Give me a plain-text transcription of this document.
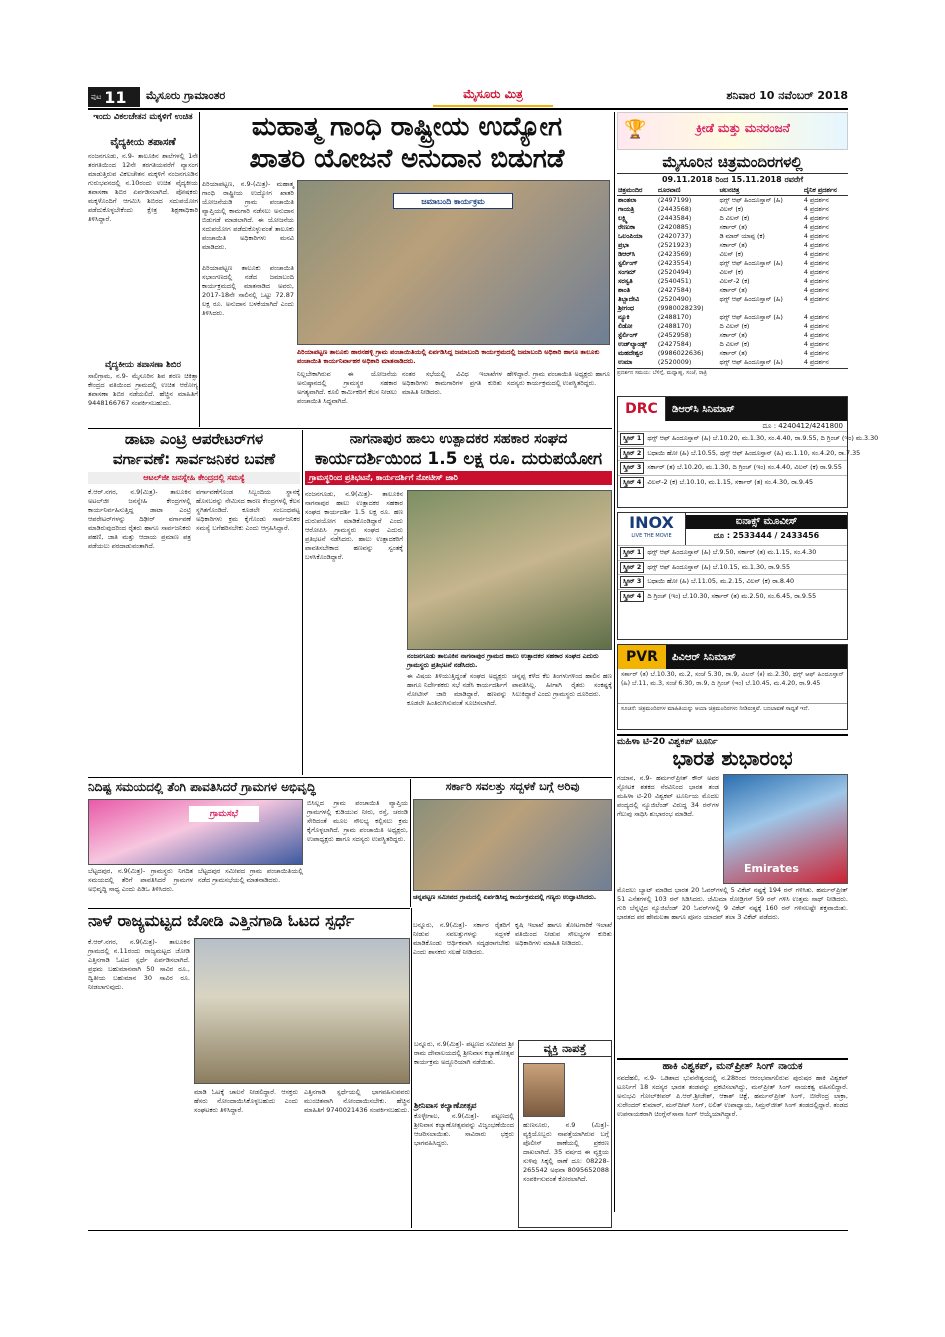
ಪುಟ 11 ಮೈಸೂರು ಗ್ರಾಮಾಂತರ	ಮೈಸೂರು ಮಿತ್ರ	ಶನಿವಾರ 10 ನವೆಂಬರ್ 2018
ಇಂದು ವಿಕಲಚೇತನ ಮಕ್ಕಳಿಗೆ ಉಚಿತ
ವೈದ್ಯಕೀಯ ತಪಾಸಣೆ
ನಂಜನಗೂಡು, ನ.9- ತಾಲೂಕಿನ ಶಾಲೆಗಳಲ್ಲಿ 1ನೇ ತರಗತಿಯಿಂದ 12ನೇ ತರಗತಿಯವರೆಗೆ ವ್ಯಾಸಂಗ ಮಾಡುತ್ತಿರುವ ವಿಕಲಚೇತನ ಮಕ್ಕಳಿಗೆ ನಂಜನಗೂಡಿನ ಗುರುಭವನದಲ್ಲಿ ನ.10ರಂದು ಉಚಿತ ವೈದ್ಯಕೀಯ ತಪಾಸಣಾ ಶಿಬಿರ ಏರ್ಪಡಿಸಲಾಗಿದೆ. ಪೋಷಕರು ಮಕ್ಕಳೊಂದಿಗೆ ಆಗಮಿಸಿ ಶಿಬಿರದ ಸದುಪಯೋಗ ಪಡೆದುಕೊಳ್ಳಬೇಕೆಂದು ಕ್ಷೇತ್ರ ಶಿಕ್ಷಣಾಧಿಕಾರಿ ತಿಳಿಸಿದ್ದಾರೆ.
ವೈದ್ಯಕೀಯ ತಪಾಸಣಾ ಶಿಬಿರ
ಸಾಲಿಗ್ರಾಮ, ನ.9- ಮೈಸೂರಿನ ಶಿವ ಶರಣ ಚಿಕಿತ್ಸಾ ಕೇಂದ್ರದ ವತಿಯಿಂದ ಗ್ರಾಮದಲ್ಲಿ ಉಚಿತ ಆರೋಗ್ಯ ತಪಾಸಣಾ ಶಿಬಿರ ನಡೆಯಲಿದೆ. ಹೆಚ್ಚಿನ ಮಾಹಿತಿಗೆ 9448166767 ಸಂಪರ್ಕಿಸಬಹುದು.
ಮಹಾತ್ಮ ಗಾಂಧಿ ರಾಷ್ಟ್ರೀಯ ಉದ್ಯೋಗ
ಖಾತರಿ ಯೋಜನೆ ಅನುದಾನ ಬಿಡುಗಡೆ
ಪಿರಿಯಾಪಟ್ಟಣ, ನ.9-(ಮಿತ್ರ)- ಮಹಾತ್ಮ ಗಾಂಧಿ ರಾಷ್ಟ್ರೀಯ ಉದ್ಯೋಗ ಖಾತರಿ ಯೋಜನೆಯಡಿ ಗ್ರಾಮ ಪಂಚಾಯಿತಿ ವ್ಯಾಪ್ತಿಯಲ್ಲಿ ಕಾಮಗಾರಿ ನಡೆಸಲು ಅನುದಾನ ಬಿಡುಗಡೆ ಮಾಡಲಾಗಿದೆ. ಈ ಯೋಜನೆಯ ಸದುಪಯೋಗ ಪಡೆದುಕೊಳ್ಳುವಂತೆ ತಾಲೂಕು ಪಂಚಾಯಿತಿ ಅಧಿಕಾರಿಗಳು ಮನವಿ ಮಾಡಿದರು.
ಜಮಾಬಂದಿ ಕಾರ್ಯಕ್ರಮ
ಪಿರಿಯಾಪಟ್ಟಣ ತಾಲೂಕು ಪಂಚಾಯಿತಿ ಸಭಾಂಗಣದಲ್ಲಿ ನಡೆದ ಜಮಾಬಂದಿ ಕಾರ್ಯಕ್ರಮದಲ್ಲಿ ಮಾತನಾಡಿದ ಅವರು, 2017-18ನೇ ಸಾಲಿನಲ್ಲಿ ಒಟ್ಟು 72.87 ಲಕ್ಷ ರೂ. ಅನುದಾನ ಬಳಕೆಯಾಗಿದೆ ಎಂದು ತಿಳಿಸಿದರು.
ಪಿರಿಯಾಪಟ್ಟಣ ತಾಲೂಕು ಹಾರನಹಳ್ಳಿ ಗ್ರಾಮ ಪಂಚಾಯಿತಿಯಲ್ಲಿ ಏರ್ಪಡಿಸಿದ್ದ ಜಮಾಬಂದಿ ಕಾರ್ಯಕ್ರಮದಲ್ಲಿ ಜಮಾಬಂದಿ ಅಧಿಕಾರಿ ಹಾಗೂ ತಾಲೂಕು ಪಂಚಾಯಿತಿ ಕಾರ್ಯನಿರ್ವಾಹಕ ಅಧಿಕಾರಿ ಮಾತನಾಡಿದರು.
ನಿಲ್ಲಬೇಕಾಗಿರುವ ಈ ಯೋಜನೆಯ ಅನುಷ್ಠಾನದಲ್ಲಿ ಗ್ರಾಮಸ್ಥರ ಸಹಕಾರ ಅಗತ್ಯವಾಗಿದೆ. ಕೂಲಿ ಕಾರ್ಮಿಕರಿಗೆ ಕೆಲಸ ನೀಡಲು ಪಂಚಾಯಿತಿ ಸಿದ್ಧವಾಗಿದೆ.
ನಂತರ ಸಭೆಯಲ್ಲಿ ವಿವಿಧ ಇಲಾಖೆಗಳ ಅಧಿಕಾರಿಗಳು ಕಾಮಗಾರಿಗಳ ಪ್ರಗತಿ ಕುರಿತು ಮಾಹಿತಿ ನೀಡಿದರು.
ಹೇಳಿದ್ದಾರೆ. ಗ್ರಾಮ ಪಂಚಾಯಿತಿ ಅಧ್ಯಕ್ಷರು ಹಾಗೂ ಸದಸ್ಯರು ಕಾರ್ಯಕ್ರಮದಲ್ಲಿ ಉಪಸ್ಥಿತರಿದ್ದರು.
ಕ್ರೀಡೆ ಮತ್ತು ಮನರಂಜನೆ
🏆
ಮೈಸೂರಿನ ಚಿತ್ರಮಂದಿರಗಳಲ್ಲಿ
09.11.2018 ರಿಂದ 15.11.2018 ರವರೆಗೆ
ಚಿತ್ರಮಂದಿರ	ದೂರವಾಣಿ	ಚಲನಚಿತ್ರ	ದೈನಿಕ ಪ್ರದರ್ಶನ
ಶಾಂತಲಾ	(2497199)	ಥಗ್ಸ್ ಆಫ್ ಹಿಂದೂಸ್ತಾನ್ (ಹಿ)	4 ಪ್ರದರ್ಶನ
ಗಾಯತ್ರಿ	(2443568)	ವಿಲನ್ (ಕ)	4 ಪ್ರದರ್ಶನ
ಲಕ್ಷ್ಮಿ	(2443584)	ದಿ ವಿಲನ್ (ಕ)	4 ಪ್ರದರ್ಶನ
ರೇಣುಕಾ	(2420885)	ಸರ್ಕಾರ್ (ತ)	4 ಪ್ರದರ್ಶನ
ಒಲಂಪಿಯಾ	(2420737)	ಡಿ ಮಾರ್ ಯಾಪ್ಪ (ಕ)	4 ಪ್ರದರ್ಶನ
ಪ್ರಭಾ	(2521923)	ಸರ್ಕಾರ್ (ತ)	4 ಪ್ರದರ್ಶನ
ಡಿಆರ್‌ಸಿ	(2423569)	ವಿಲನ್ (ಕ)	4 ಪ್ರದರ್ಶನ
ಸ್ಟರ್ಲಿಂಗ್	(2423554)	ಥಗ್ಸ್ ಆಫ್ ಹಿಂದೂಸ್ತಾನ್ (ಹಿ)	4 ಪ್ರದರ್ಶನ
ಸಂಗಮ್	(2520494)	ವಿಲನ್ (ಕ)	4 ಪ್ರದರ್ಶನ
ಸರಸ್ವತಿ	(2540451)	ವಿಲನ್-2 (ಕ)	4 ಪ್ರದರ್ಶನ
ಶಾಂತಿ	(2427584)	ಸರ್ಕಾರ್ (ತ)	4 ಪ್ರದರ್ಶನ
ತಿಬ್ಬಾದೇವಿ	(2520490)	ಥಗ್ಸ್ ಆಫ್ ಹಿಂದೂಸ್ತಾನ್ (ಹಿ)	4 ಪ್ರದರ್ಶನ
ಶ್ರೀಗಂಧ	(9980028239)		
ನ್ಯೂಕಿ	(2488170)	ಥಗ್ಸ್ ಆಫ್ ಹಿಂದೂಸ್ತಾನ್ (ಹಿ)	4 ಪ್ರದರ್ಶನ
ಲಿಡೋ	(2488170)	ದಿ ವಿಲನ್ (ಕ)	4 ಪ್ರದರ್ಶನ
ಸ್ಟೆರ್ಲಿಂಗ್	(2452958)	ಸರ್ಕಾರ್ (ತ)	4 ಪ್ರದರ್ಶನ
ಉಡ್‌ಲ್ಯಾಂಡ್ಸ್	(2427584)	ದಿ ವಿಲನ್ (ಕ)	4 ಪ್ರದರ್ಶನ
ಮಹದೇಶ್ವರ	(9986022636)	ಸರ್ಕಾರ್ (ತ)	4 ಪ್ರದರ್ಶನ
ಉಮಾ	(2520009)	ಥಗ್ಸ್ ಆಫ್ ಹಿಂದೂಸ್ತಾನ್ (ಹಿ)	4 ಪ್ರದರ್ಶನ
ಪ್ರದರ್ಶನ ಸಮಯ: ಬೆಳಿಗ್ಗೆ, ಮಧ್ಯಾಹ್ನ, ಸಂಜೆ, ರಾತ್ರಿ
DRC	ಡಿಆರ್‌ಸಿ ಸಿನಿಮಾಸ್
ದೂ : 4240412/4241800
ಸ್ಕ್ರೀನ್ 1 ಥಗ್ಸ್ ಆಫ್ ಹಿಂದೂಸ್ತಾನ್ (ಹಿ) ಬೆ.10.20, ಮ.1.30, ಸಂ.4.40, ರಾ.9.55, ದಿ ಗ್ರಿಂಚ್ (ಇಂ) ಮ.3.30
ಸ್ಕ್ರೀನ್ 2 ಬಧಾಯಿ ಹೋ (ಹಿ) ಬೆ.10.55, ಥಗ್ಸ್ ಆಫ್ ಹಿಂದೂಸ್ತಾನ್ (ಹಿ) ಮ.1.10, ಸಂ.4.20, ರಾ.7.35
ಸ್ಕ್ರೀನ್ 3 ಸರ್ಕಾರ್ (ತ) ಬೆ.10.20, ಮ.1.30, ದಿ ಗ್ರಿಂಚ್ (ಇಂ) ಸಂ.4.40, ವಿಲನ್ (ಕ) ರಾ.9.55
ಸ್ಕ್ರೀನ್ 4 ವಿಲನ್-2 (ಕ) ಬೆ.10.10, ಮ.1.15, ಸರ್ಕಾರ್ (ತ) ಸಂ.4.30, ರಾ.9.45
INOX
LIVE THE MOVIE
ಐನಾಕ್ಸ್ ಮೂವೀಸ್
ದೂ : 2533444 / 2433456
ಸ್ಕ್ರೀನ್ 1 ಥಗ್ಸ್ ಆಫ್ ಹಿಂದೂಸ್ತಾನ್ (ಹಿ) ಬೆ.9.50, ಸರ್ಕಾರ್ (ತ) ಮ.1.15, ಸಂ.4.30
ಸ್ಕ್ರೀನ್ 2 ಥಗ್ಸ್ ಆಫ್ ಹಿಂದೂಸ್ತಾನ್ (ಹಿ) ಬೆ.10.15, ಮ.1.30, ರಾ.9.55
ಸ್ಕ್ರೀನ್ 3 ಬಧಾಯಿ ಹೋ (ಹಿ) ಬೆ.11.05, ಮ.2.15, ವಿಲನ್ (ಕ) ರಾ.8.40
ಸ್ಕ್ರೀನ್ 4 ದಿ ಗ್ರಿಂಚ್ (ಇಂ) ಬೆ.10.30, ಸರ್ಕಾರ್ (ತ) ಮ.2.50, ಸಂ.6.45, ರಾ.9.55
PVR	ಪಿವಿಆರ್ ಸಿನಿಮಾಸ್
ಸರ್ಕಾರ್ (ತ) ಬೆ.10.30, ಮ.2, ಸಂಜೆ 5.30, ರಾ.9, ವಿಲನ್ (ಕ) ಮ.2.30, ಥಗ್ಸ್ ಆಫ್ ಹಿಂದೂಸ್ತಾನ್ (ಹಿ) ಬೆ.11, ಮ.3, ಸಂಜೆ 6.30, ರಾ.9, ದಿ ಗ್ರಿಂಚ್ (ಇಂ) ಬೆ.10.45, ಮ.4.20, ರಾ.9.45
ಸೂಚನೆ: ಚಿತ್ರಮಂದಿರಗಳ ಮಾಹಿತಿಯನ್ನು ಆಯಾ ಚಿತ್ರಮಂದಿರಗಳು ನೀಡಿರುತ್ತವೆ. ಬದಲಾವಣೆ ಸಾಧ್ಯತೆ ಇದೆ.
ಮಹಿಳಾ ಟಿ-20 ವಿಶ್ವಕಪ್ ಟೂರ್ನಿ
ಭಾರತ ಶುಭಾರಂಭ
ಗಯಾನ, ನ.9- ಹರ್ಮನ್‌ಪ್ರೀತ್ ಕೌರ್ ಅವರ ಸ್ಫೋಟಕ ಶತಕದ ನೆರವಿನಿಂದ ಭಾರತ ತಂಡ ಮಹಿಳಾ ಟಿ-20 ವಿಶ್ವಕಪ್ ಟೂರ್ನಿಯ ಮೊದಲ ಪಂದ್ಯದಲ್ಲಿ ನ್ಯೂಜಿಲೆಂಡ್ ವಿರುದ್ಧ 34 ರನ್‌ಗಳ ಗೆಲುವು ಸಾಧಿಸಿ ಶುಭಾರಂಭ ಮಾಡಿದೆ.
Emirates
ಮೊದಲು ಬ್ಯಾಟ್ ಮಾಡಿದ ಭಾರತ 20 ಓವರ್‌ಗಳಲ್ಲಿ 5 ವಿಕೆಟ್ ನಷ್ಟಕ್ಕೆ 194 ರನ್ ಗಳಿಸಿತು. ಹರ್ಮನ್‌ಪ್ರೀತ್ 51 ಎಸೆತಗಳಲ್ಲಿ 103 ರನ್ ಸಿಡಿಸಿದರು. ಜೆಮಿಮಾ ರೋಡ್ರಿಗಸ್ 59 ರನ್ ಗಳಿಸಿ ಉತ್ತಮ ಸಾಥ್ ನೀಡಿದರು. ಗುರಿ ಬೆನ್ನಟ್ಟಿದ ನ್ಯೂಜಿಲೆಂಡ್ 20 ಓವರ್‌ಗಳಲ್ಲಿ 9 ವಿಕೆಟ್ ನಷ್ಟಕ್ಕೆ 160 ರನ್ ಗಳಿಸಲಷ್ಟೇ ಶಕ್ತವಾಯಿತು. ಭಾರತದ ಪರ ಹೇಮಲತಾ ಹಾಗೂ ಪೂನಂ ಯಾದವ್ ತಲಾ 3 ವಿಕೆಟ್ ಪಡೆದರು.
ಹಾಕಿ ವಿಶ್ವಕಪ್, ಮನ್‌ಪ್ರೀತ್ ಸಿಂಗ್ ನಾಯಕ
ನವದೆಹಲಿ, ನ.9- ಒಡಿಶಾದ ಭುವನೇಶ್ವರದಲ್ಲಿ ನ.28ರಿಂದ ಆರಂಭವಾಗಲಿರುವ ಪುರುಷರ ಹಾಕಿ ವಿಶ್ವಕಪ್ ಟೂರ್ನಿಗೆ 18 ಸದಸ್ಯರ ಭಾರತ ತಂಡವನ್ನು ಪ್ರಕಟಿಸಲಾಗಿದ್ದು, ಮನ್‌ಪ್ರೀತ್ ಸಿಂಗ್ ನಾಯಕತ್ವ ವಹಿಸಲಿದ್ದಾರೆ. ಅನುಭವಿ ಗೋಲ್‌ಕೀಪರ್ ಪಿ.ಆರ್.ಶ್ರೀಜೇಶ್, ಆಕಾಶ್ ಚಿಕ್ಟೆ, ಹರ್ಮನ್‌ಪ್ರೀತ್ ಸಿಂಗ್, ಬೀರೇಂದ್ರ ಲಾಕ್ರಾ, ಸುರೇಂದರ್ ಕುಮಾರ್, ಮನ್‌ದೀಪ್ ಸಿಂಗ್, ಲಲಿತ್ ಉಪಾಧ್ಯಾಯ, ಸಿಮ್ರನ್‌ಜೀತ್ ಸಿಂಗ್ ತಂಡದಲ್ಲಿದ್ದಾರೆ. ತಂಡದ ಉಪನಾಯಕರಾಗಿ ಚಿಂಗ್ಲೆನ್‌ಸಾನಾ ಸಿಂಗ್ ಆಯ್ಕೆಯಾಗಿದ್ದಾರೆ.
ಡಾಟಾ ಎಂಟ್ರಿ ಆಪರೇಟರ್‌ಗಳ
ವರ್ಗಾವಣೆ: ಸಾರ್ವಜನಿಕರ ಬವಣೆ
ಆಟಲ್‌ಜೀ ಜನಸ್ನೇಹಿ ಕೇಂದ್ರದಲ್ಲಿ ಸಮಸ್ಯೆ
ಕೆ.ಆರ್.ನಗರ, ನ.9(ಮಿತ್ರ)- ತಾಲೂಕಿನ ಅಟಲ್‌ಜೀ ಜನಸ್ನೇಹಿ ಕೇಂದ್ರಗಳಲ್ಲಿ ಕಾರ್ಯನಿರ್ವಹಿಸುತ್ತಿದ್ದ ಡಾಟಾ ಎಂಟ್ರಿ ಆಪರೇಟರ್‌ಗಳನ್ನು ದಿಢೀರ್ ವರ್ಗಾವಣೆ ಮಾಡಿರುವುದರಿಂದ ರೈತರು ಹಾಗೂ ಸಾರ್ವಜನಿಕರು ಪಹಣಿ, ಜಾತಿ ಮತ್ತು ಆದಾಯ ಪ್ರಮಾಣ ಪತ್ರ ಪಡೆಯಲು ಪರದಾಡುವಂತಾಗಿದೆ.
ವರ್ಗಾವಣೆಗೊಂಡ ಸಿಬ್ಬಂದಿಯ ಸ್ಥಾನಕ್ಕೆ ಹೊಸಬರನ್ನು ನೇಮಿಸದ ಕಾರಣ ಕೇಂದ್ರಗಳಲ್ಲಿ ಕೆಲಸ ಸ್ಥಗಿತಗೊಂಡಿದೆ. ಕೂಡಲೇ ಸಂಬಂಧಪಟ್ಟ ಅಧಿಕಾರಿಗಳು ಕ್ರಮ ಕೈಗೊಂಡು ಸಾರ್ವಜನಿಕರ ಸಮಸ್ಯೆ ಬಗೆಹರಿಸಬೇಕು ಎಂದು ಆಗ್ರಹಿಸಿದ್ದಾರೆ.
ನಾಗನಾಪುರ ಹಾಲು ಉತ್ಪಾದಕರ ಸಹಕಾರ ಸಂಘದ
ಕಾರ್ಯದರ್ಶಿಯಿಂದ 1.5 ಲಕ್ಷ ರೂ. ದುರುಪಯೋಗ
ಗ್ರಾಮಸ್ಥರಿಂದ ಪ್ರತಿಭಟನೆ, ಕಾರ್ಯದರ್ಶಿಗೆ ನೋಟೀಸ್ ಜಾರಿ
ನಂಜನಗೂಡು, ನ.9(ಮಿತ್ರ)- ತಾಲೂಕಿನ ನಾಗನಾಪುರ ಹಾಲು ಉತ್ಪಾದಕರ ಸಹಕಾರ ಸಂಘದ ಕಾರ್ಯದರ್ಶಿ 1.5 ಲಕ್ಷ ರೂ. ಹಣ ದುರುಪಯೋಗ ಮಾಡಿಕೊಂಡಿದ್ದಾರೆ ಎಂದು ಆರೋಪಿಸಿ ಗ್ರಾಮಸ್ಥರು ಸಂಘದ ಎದುರು ಪ್ರತಿಭಟನೆ ನಡೆಸಿದರು. ಹಾಲು ಉತ್ಪಾದಕರಿಗೆ ಪಾವತಿಸಬೇಕಾದ ಹಣವನ್ನು ಸ್ವಂತಕ್ಕೆ ಬಳಸಿಕೊಂಡಿದ್ದಾರೆ.
ನಂಜನಗೂಡು ತಾಲೂಕಿನ ನಾಗನಾಪುರ ಗ್ರಾಮದ ಹಾಲು ಉತ್ಪಾದಕರ ಸಹಕಾರ ಸಂಘದ ಎದುರು ಗ್ರಾಮಸ್ಥರು ಪ್ರತಿಭಟನೆ ನಡೆಸಿದರು.
ಈ ವಿಷಯ ತಿಳಿಯುತ್ತಿದ್ದಂತೆ ಸಂಘದ ಅಧ್ಯಕ್ಷರು ಹಾಗೂ ನಿರ್ದೇಶಕರು ಸಭೆ ನಡೆಸಿ ಕಾರ್ಯದರ್ಶಿಗೆ ನೋಟೀಸ್ ಜಾರಿ ಮಾಡಿದ್ದಾರೆ. ಹಣವನ್ನು ಕೂಡಲೇ ಹಿಂತಿರುಗಿಸುವಂತೆ ಸೂಚಿಸಲಾಗಿದೆ.
ಚನ್ನಪ್ಪ ಕಳೆದ ಕೆಲ ತಿಂಗಳುಗಳಿಂದ ಹಾಲಿನ ಹಣ ಪಾವತಿಸಿಲ್ಲ. ಹೀಗಾಗಿ ರೈತರು ಸಂಕಷ್ಟಕ್ಕೆ ಸಿಲುಕಿದ್ದಾರೆ ಎಂದು ಗ್ರಾಮಸ್ಥರು ದೂರಿದರು.
ನಿದಿಷ್ಟ ಸಮಯದಲ್ಲಿ ತೆಂಗಿ ಪಾವತಿಸಿದರೆ ಗ್ರಾಮಗಳ ಅಭಿವೃದ್ಧಿ
ಗ್ರಾಮಸಭೆ
ಬಿಸಿಲ್ಲದ ಗ್ರಾಮ ಪಂಚಾಯಿತಿ ವ್ಯಾಪ್ತಿಯ ಗ್ರಾಮಗಳಲ್ಲಿ ಕುಡಿಯುವ ನೀರು, ರಸ್ತೆ, ಚರಂಡಿ ಸೇರಿದಂತೆ ಮೂಲ ಸೌಲಭ್ಯ ಕಲ್ಪಿಸಲು ಕ್ರಮ ಕೈಗೊಳ್ಳಲಾಗಿದೆ. ಗ್ರಾಮ ಪಂಚಾಯಿತಿ ಅಧ್ಯಕ್ಷರು, ಉಪಾಧ್ಯಕ್ಷರು ಹಾಗೂ ಸದಸ್ಯರು ಉಪಸ್ಥಿತರಿದ್ದರು.
ಬೆಟ್ಟದಪುರ, ನ.9(ಮಿತ್ರ)- ಗ್ರಾಮಸ್ಥರು ನಿಗದಿತ ಸಮಯದಲ್ಲಿ ತೆರಿಗೆ ಪಾವತಿಸಿದರೆ ಗ್ರಾಮಗಳ ಅಭಿವೃದ್ಧಿ ಸಾಧ್ಯ ಎಂದು ಪಿಡಿಒ ತಿಳಿಸಿದರು.
ಬೆಟ್ಟದಪುರ ಸಮೀಪದ ಗ್ರಾಮ ಪಂಚಾಯಿತಿಯಲ್ಲಿ ನಡೆದ ಗ್ರಾಮಸಭೆಯಲ್ಲಿ ಮಾತನಾಡಿದರು.
ಸರ್ಕಾರಿ ಸವಲತ್ತು ಸದ್ಬಳಕೆ ಬಗ್ಗೆ ಅರಿವು
ಚನ್ನಪಟ್ಟಣ ಸಮೀಪದ ಗ್ರಾಮದಲ್ಲಿ ಏರ್ಪಡಿಸಿದ್ದ ಕಾರ್ಯಕ್ರಮದಲ್ಲಿ ಗಣ್ಯರು ಉದ್ಘಾಟಿಸಿದರು.
ಬನ್ನೂರು, ನ.9(ಮಿತ್ರ)- ಸರ್ಕಾರ ರೈತರಿಗೆ ನೀಡುವ ಸವಲತ್ತುಗಳನ್ನು ಸದ್ಬಳಕೆ ಮಾಡಿಕೊಂಡು ಆರ್ಥಿಕವಾಗಿ ಸದೃಢರಾಗಬೇಕು ಎಂದು ಶಾಸಕರು ಸಲಹೆ ನೀಡಿದರು.
ಕೃಷಿ ಇಲಾಖೆ ಹಾಗೂ ತೋಟಗಾರಿಕೆ ಇಲಾಖೆ ವತಿಯಿಂದ ನೀಡುವ ಸೌಲಭ್ಯಗಳ ಕುರಿತು ಅಧಿಕಾರಿಗಳು ಮಾಹಿತಿ ನೀಡಿದರು.
ನಾಳೆ ರಾಜ್ಯಮಟ್ಟದ ಜೋಡಿ ಎತ್ತಿನಗಾಡಿ ಓಟದ ಸ್ಪರ್ಧೆ
ಕೆ.ಆರ್.ನಗರ, ನ.9(ಮಿತ್ರ)- ತಾಲೂಕಿನ ಗ್ರಾಮದಲ್ಲಿ ನ.11ರಂದು ರಾಜ್ಯಮಟ್ಟದ ಜೋಡಿ ಎತ್ತಿನಗಾಡಿ ಓಟದ ಸ್ಪರ್ಧೆ ಏರ್ಪಡಿಸಲಾಗಿದೆ. ಪ್ರಥಮ ಬಹುಮಾನವಾಗಿ 50 ಸಾವಿರ ರೂ., ದ್ವಿತೀಯ ಬಹುಮಾನ 30 ಸಾವಿರ ರೂ. ನೀಡಲಾಗುವುದು.
ಮಾಡಿ ಓಟಕ್ಕೆ ಚಾಲನೆ ನೀಡಲಿದ್ದಾರೆ. ಆಸಕ್ತರು ಹೆಸರು ನೋಂದಾಯಿಸಿಕೊಳ್ಳಬಹುದು ಎಂದು ಸಂಘಟಕರು ತಿಳಿಸಿದ್ದಾರೆ.
ಎತ್ತಿನಗಾಡಿ ಸ್ಪರ್ಧೆಯಲ್ಲಿ ಭಾಗವಹಿಸುವವರು ಮುಂಚಿತವಾಗಿ ನೋಂದಾಯಿಸಬೇಕು. ಹೆಚ್ಚಿನ ಮಾಹಿತಿಗೆ 9740021436 ಸಂಪರ್ಕಿಸಬಹುದು.
ಬನ್ನೂರು, ನ.9(ಮಿತ್ರ)- ಪಟ್ಟಣದ ಸಮೀಪದ ಶ್ರೀ ರಾಮ ದೇವಾಲಯದಲ್ಲಿ ಶ್ರೀನಿವಾಸ ಕಲ್ಯಾಣೋತ್ಸವ ಕಾರ್ಯಕ್ರಮ ಅದ್ದೂರಿಯಾಗಿ ನಡೆಯಿತು.
ಶ್ರೀನಿವಾಸ ಕಲ್ಯಾಣೋತ್ಸವ
ಕೊಳ್ಳೇಗಾಲ, ನ.9(ಮಿತ್ರ)- ಪಟ್ಟಣದಲ್ಲಿ ಶ್ರೀನಿವಾಸ ಕಲ್ಯಾಣೋತ್ಸವವನ್ನು ವಿಜೃಂಭಣೆಯಿಂದ ಆಚರಿಸಲಾಯಿತು. ಸಾವಿರಾರು ಭಕ್ತರು ಭಾಗವಹಿಸಿದ್ದರು.
ವ್ಯಕ್ತಿ ನಾಪತ್ತೆ
ಹುಣಸೂರು, ನ.9 (ಮಿತ್ರ)- ವ್ಯಕ್ತಿಯೊಬ್ಬರು ನಾಪತ್ತೆಯಾಗಿರುವ ಬಗ್ಗೆ ಪೊಲೀಸ್ ಠಾಣೆಯಲ್ಲಿ ಪ್ರಕರಣ ದಾಖಲಾಗಿದೆ. 35 ವರ್ಷದ ಈ ವ್ಯಕ್ತಿಯ ಸುಳಿವು ಸಿಕ್ಕಲ್ಲಿ ಠಾಣೆ ದೂ: 08228-265542 ಅಥವಾ 8095652088 ಸಂಪರ್ಕಿಸುವಂತೆ ಕೋರಲಾಗಿದೆ.
